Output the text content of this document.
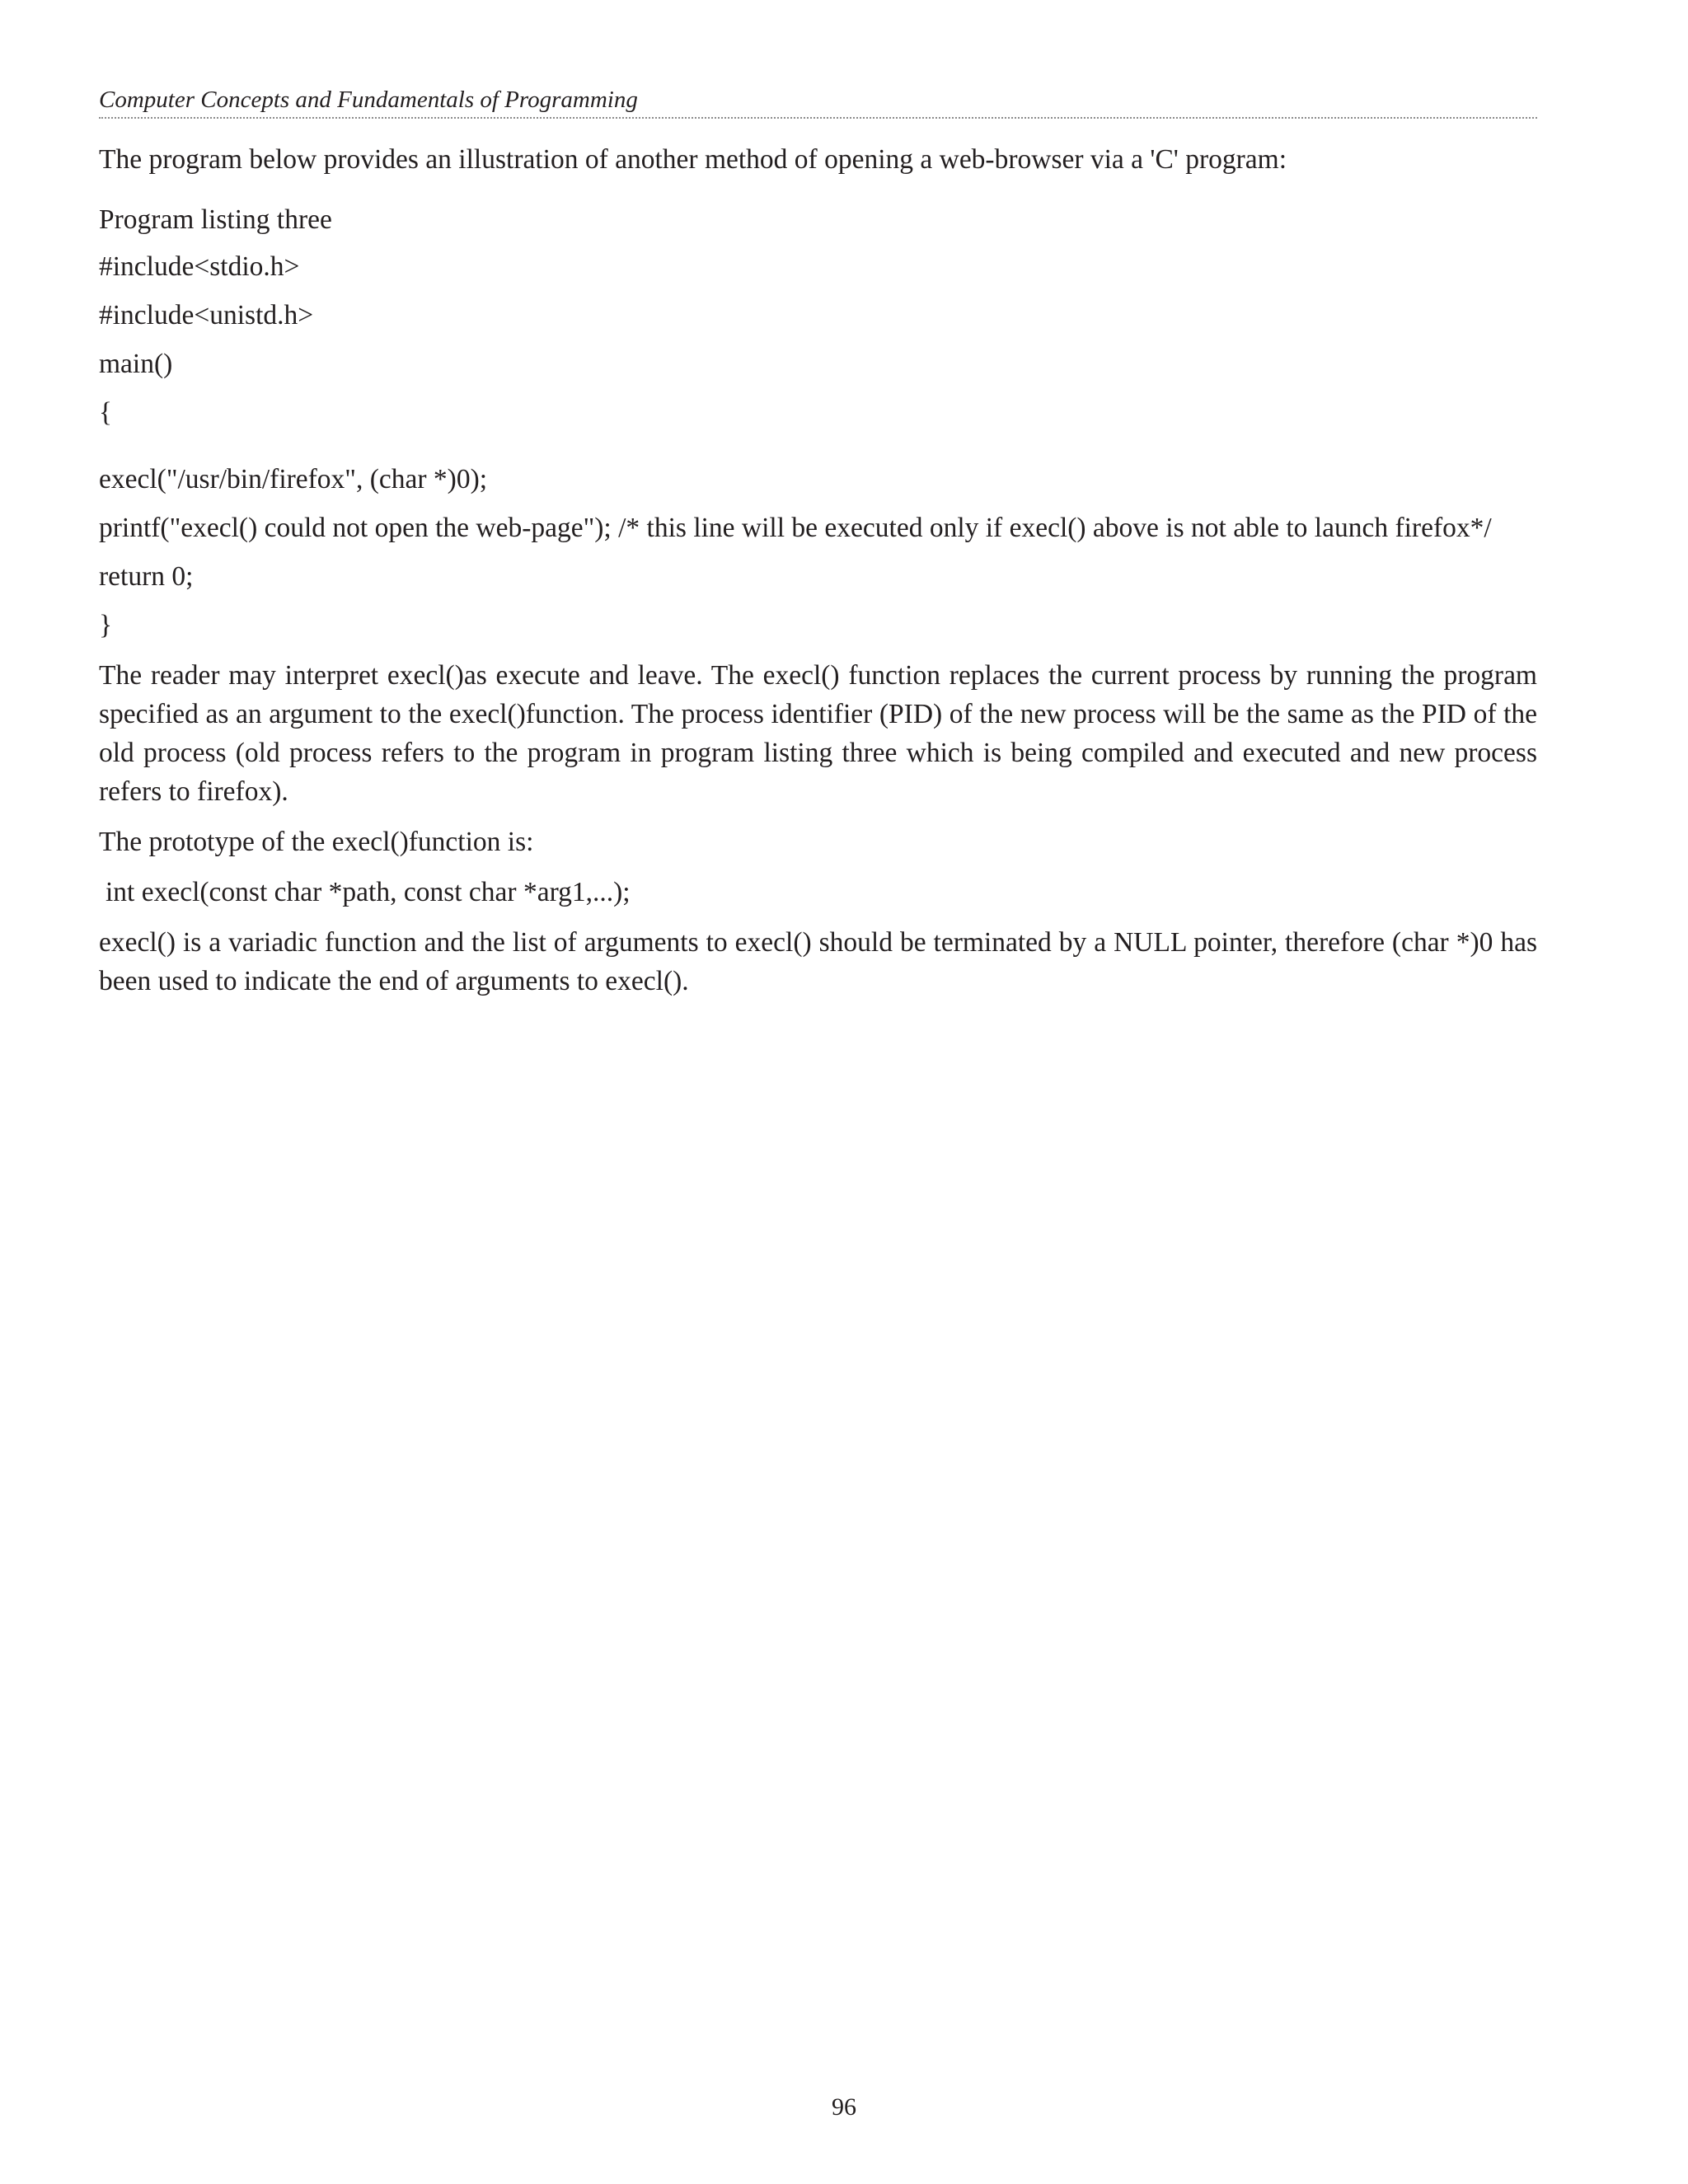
Computer Concepts and Fundamentals of Programming

The program below provides an illustration of another method of opening a web-browser via a 'C' program:

Program listing three

#include<stdio.h>

#include<unistd.h>

main()

{

execl("/usr/bin/firefox", (char *)0);

printf("execl() could not open the web-page"); /* this line will be executed only if execl() above is not able to launch firefox*/

return 0;

}

The reader may interpret execl()as execute and leave. The execl() function replaces the current process by running the program specified as an argument to the execl()function. The process identifier (PID) of the new process will be the same as the PID of the old process (old process refers to the program in program listing three which is being compiled and executed and new process refers to firefox).

The prototype of the execl()function is:

int execl(const char *path, const char *arg1,...);

execl() is a variadic function and the list of arguments to execl() should be terminated by a NULL pointer, therefore (char *)0 has been used to indicate the end of arguments to execl().

96
